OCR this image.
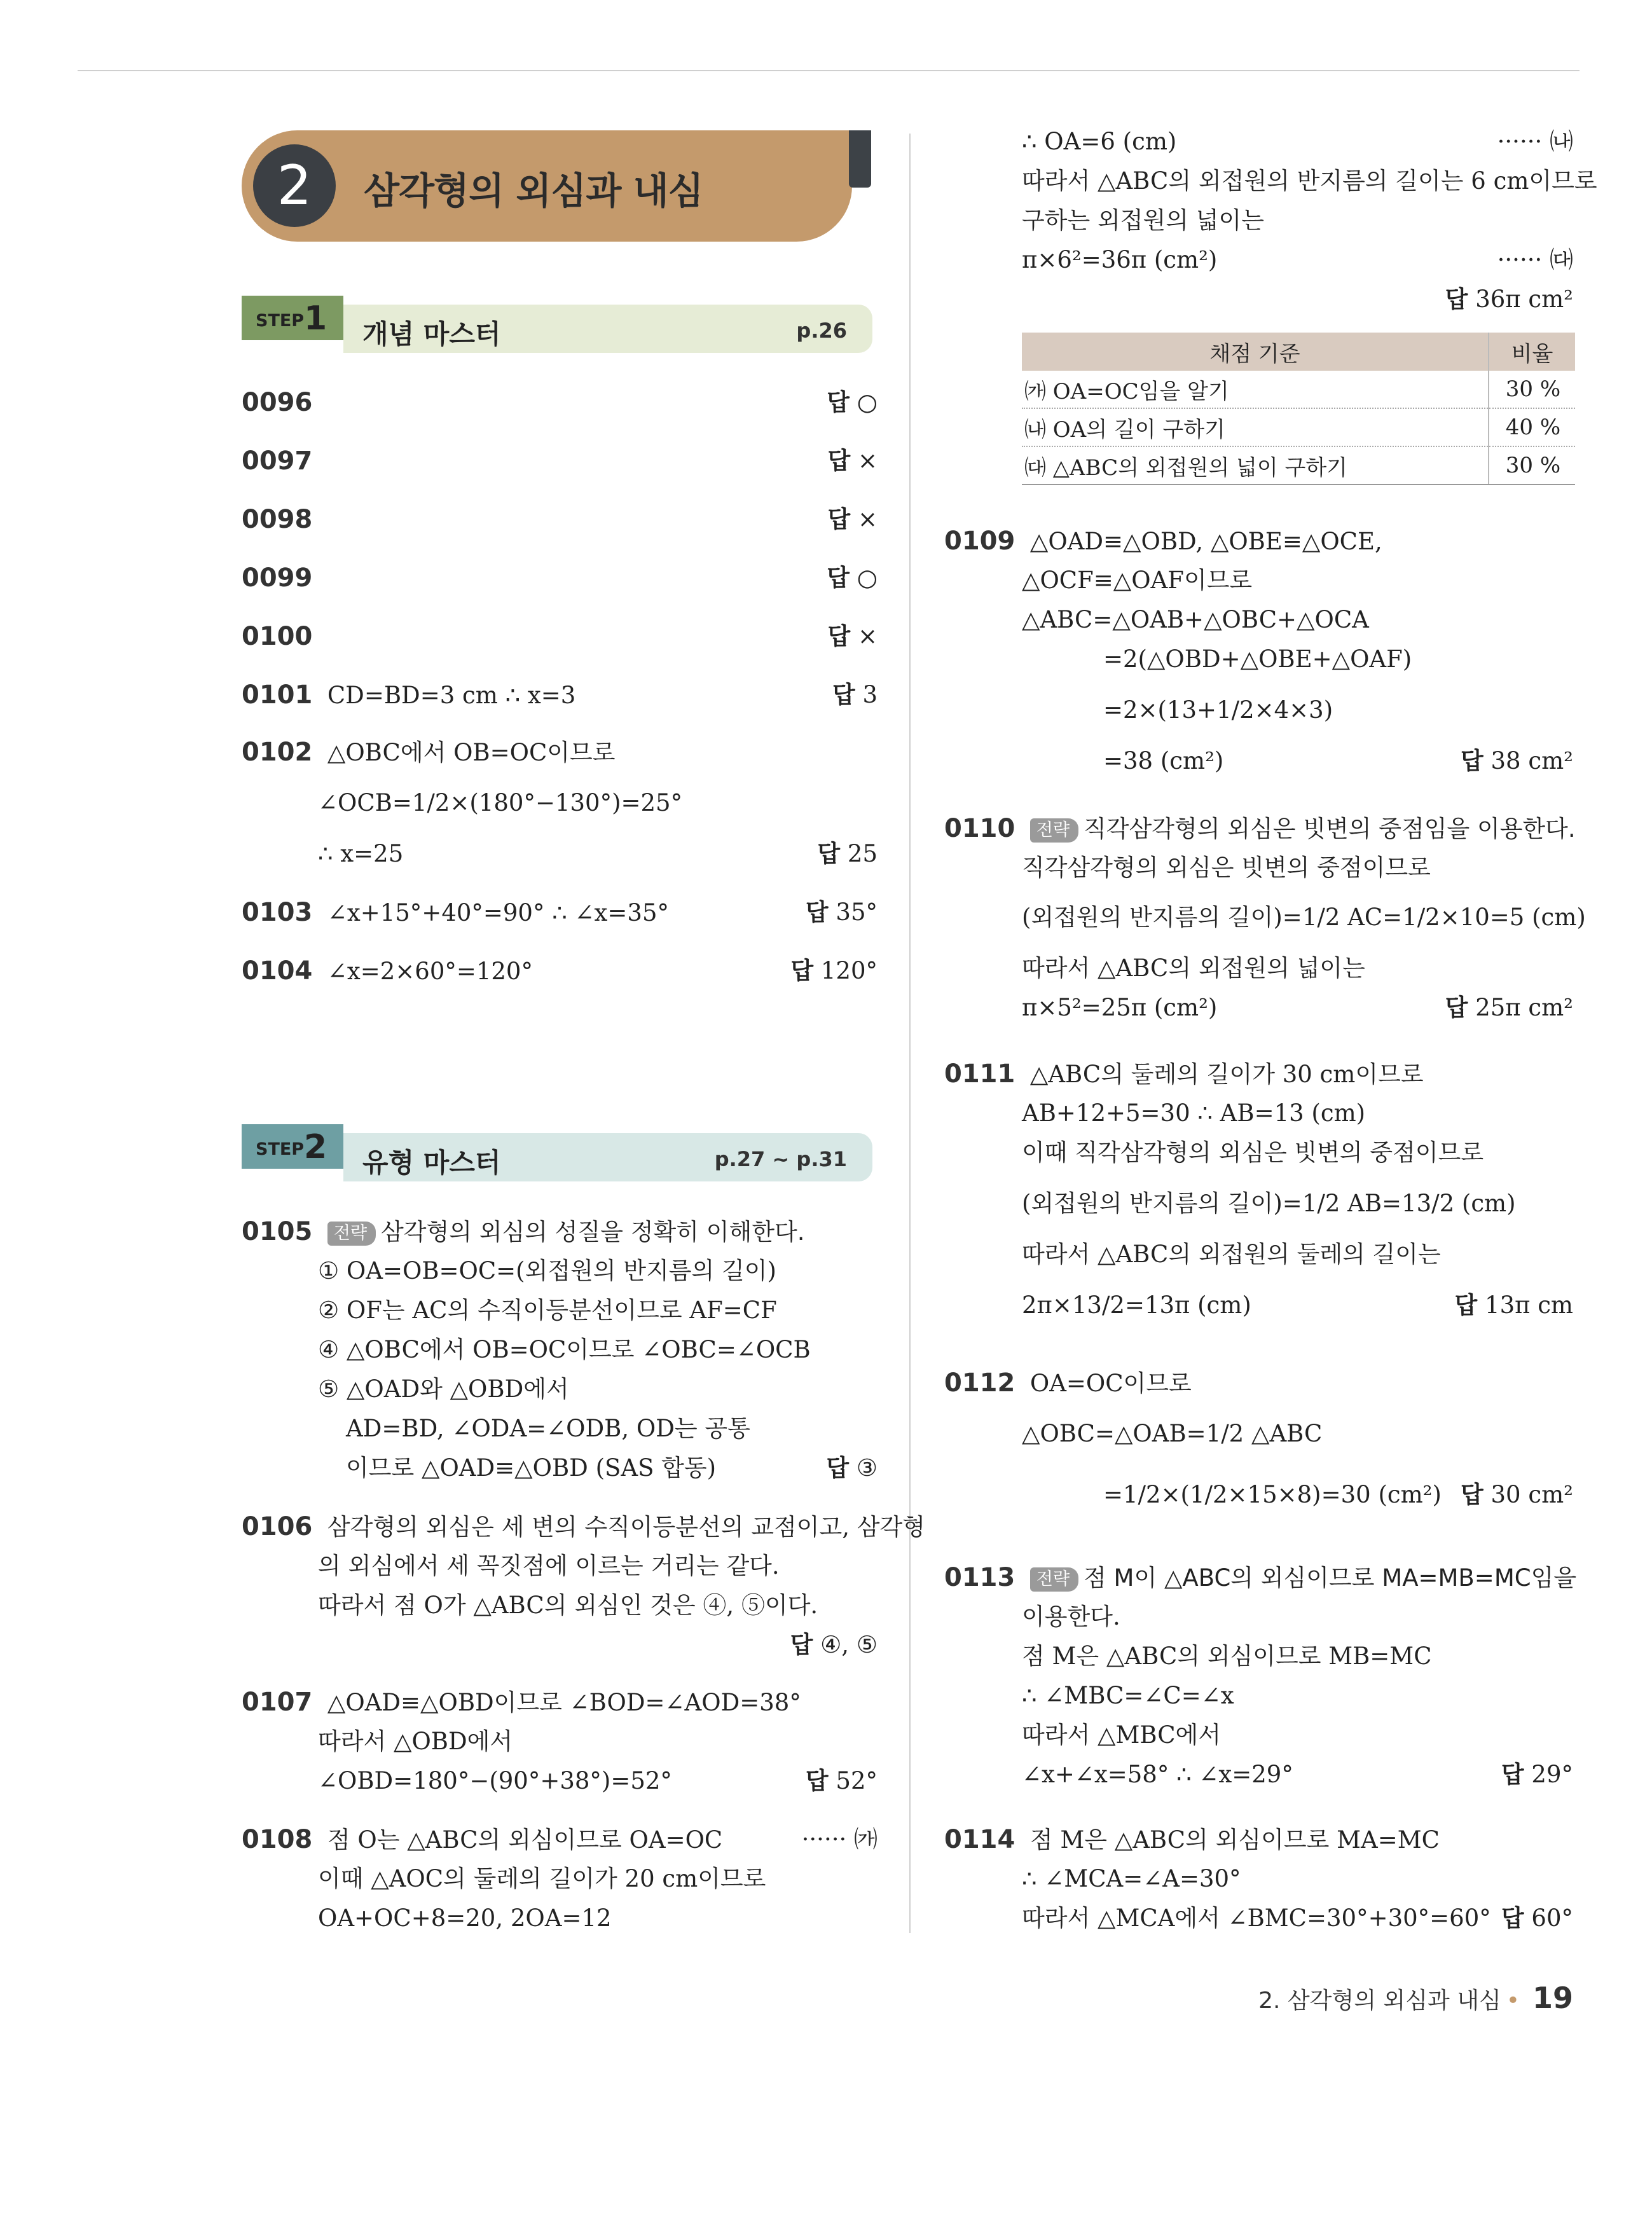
2	삼각형의 외심과 내심
STEP 1 개념 마스터	p.26
0096	답 ○
0097	답 ×
0098	답 ×
0099	답 ○
0100	답 ×
0101 CD=BD=3 cm ∴ x=3	답 3
0102 △OBC에서 OB=OC이므로
∠OCB=1/2×(180°−130°)=25°
∴ x=25	답 25
0103 ∠x+15°+40°=90° ∴ ∠x=35°	답 35°
0104 ∠x=2×60°=120°	답 120°
STEP 2 유형 마스터	p.27 ~ p.31
0105 전략 삼각형의 외심의 성질을 정확히 이해한다.
① OA=OB=OC=(외접원의 반지름의 길이)
② OF는 AC의 수직이등분선이므로 AF=CF
④ △OBC에서 OB=OC이므로 ∠OBC=∠OCB
⑤ △OAD와 △OBD에서
AD=BD, ∠ODA=∠ODB, OD는 공통
이므로 △OAD≡△OBD (SAS 합동)	답 ③
0106 삼각형의 외심은 세 변의 수직이등분선의 교점이고, 삼각형
의 외심에서 세 꼭짓점에 이르는 거리는 같다.
따라서 점 O가 △ABC의 외심인 것은 ④, ⑤이다.
답 ④, ⑤
0107 △OAD≡△OBD이므로 ∠BOD=∠AOD=38°
따라서 △OBD에서
∠OBD=180°−(90°+38°)=52°	답 52°
0108 점 O는 △ABC의 외심이므로 OA=OC	······ ㈎
이때 △AOC의 둘레의 길이가 20 cm이므로
OA+OC+8=20, 2OA=12
∴ OA=6 (cm)	······ ㈏
따라서 △ABC의 외접원의 반지름의 길이는 6 cm이므로
구하는 외접원의 넓이는
π×6²=36π (cm²)	······ ㈐
답 36π cm²
채점 기준	비율
㈎ OA=OC임을 알기	30 %
㈏ OA의 길이 구하기	40 %
㈐ △ABC의 외접원의 넓이 구하기	30 %
0109 △OAD≡△OBD, △OBE≡△OCE,
△OCF≡△OAF이므로
△ABC=△OAB+△OBC+△OCA
=2(△OBD+△OBE+△OAF)
=2×(13+1/2×4×3)
=38 (cm²)	답 38 cm²
0110 전략 직각삼각형의 외심은 빗변의 중점임을 이용한다.
직각삼각형의 외심은 빗변의 중점이므로
(외접원의 반지름의 길이)=1/2 AC=1/2×10=5 (cm)
따라서 △ABC의 외접원의 넓이는
π×5²=25π (cm²)	답 25π cm²
0111 △ABC의 둘레의 길이가 30 cm이므로
AB+12+5=30 ∴ AB=13 (cm)
이때 직각삼각형의 외심은 빗변의 중점이므로
(외접원의 반지름의 길이)=1/2 AB=13/2 (cm)
따라서 △ABC의 외접원의 둘레의 길이는
2π×13/2=13π (cm)	답 13π cm
0112 OA=OC이므로
△OBC=△OAB=1/2 △ABC
=1/2×(1/2×15×8)=30 (cm²) 답 30 cm²
0113 전략 점 M이 △ABC의 외심이므로 MA=MB=MC임을
이용한다.
점 M은 △ABC의 외심이므로 MB=MC
∴ ∠MBC=∠C=∠x
따라서 △MBC에서
∠x+∠x=58° ∴ ∠x=29°	답 29°
0114 점 M은 △ABC의 외심이므로 MA=MC
∴ ∠MCA=∠A=30°
따라서 △MCA에서 ∠BMC=30°+30°=60° 답 60°
2. 삼각형의 외심과 내심 • 19
